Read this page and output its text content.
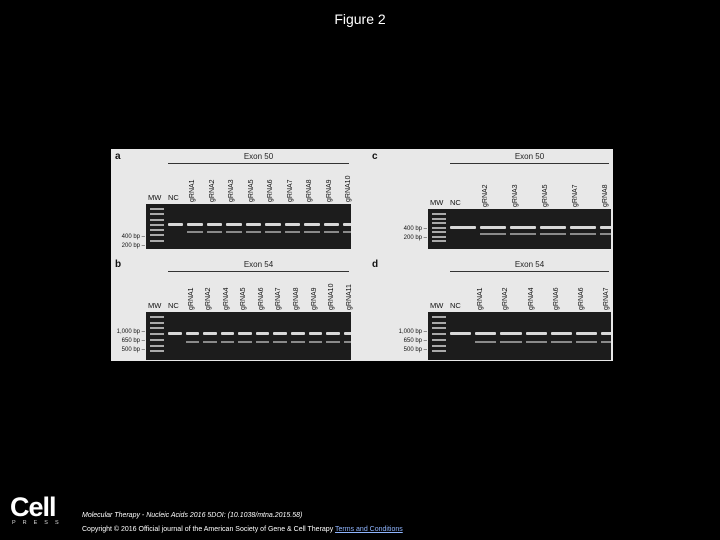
Figure 2
a	Exon 50
MW NC gRNA1 gRNA2 gRNA3 gRNA5 gRNA6 gRNA7 gRNA8 gRNA9 gRNA10
400 bp –
200 bp –
b	Exon 54
MW NC gRNA1 gRNA2 gRNA4 gRNA5 gRNA6 gRNA7 gRNA8 gRNA9 gRNA10 gRNA11
1,000 bp –
650 bp –
500 bp –
c	Exon 50
MW NC	gRNA2	gRNA3	gRNA5	gRNA7	gRNA8
400 bp –
200 bp –
d	Exon 54
MW NC gRNA1	gRNA2	gRNA4	gRNA6	gRNA6	gRNA7
1,000 bp –
650 bp –
500 bp –
Cell
PRESS
Molecular Therapy - Nucleic Acids 2016 5DOI: (10.1038/mtna.2015.58)
Copyright © 2016 Official journal of the American Society of Gene & Cell Therapy Terms and Conditions
